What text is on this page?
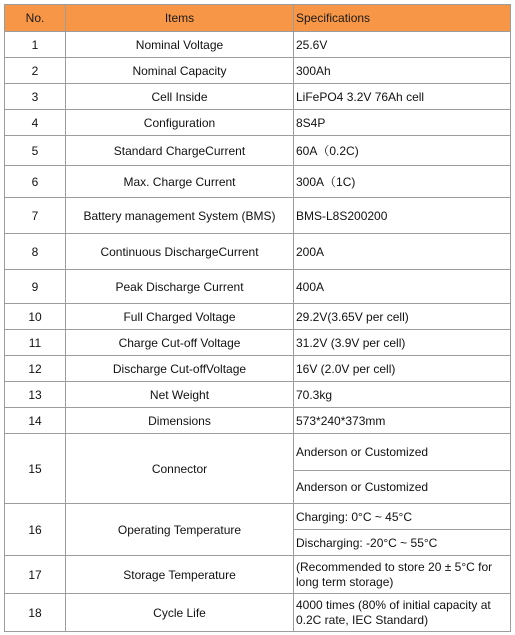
No.	Items	Specifications
1	Nominal Voltage	25.6V
2	Nominal Capacity	300Ah
3	Cell Inside	LiFePO4 3.2V 76Ah cell
4	Configuration	8S4P
5	Standard ChargeCurrent	60A（0.2C)
6	Max. Charge Current	300A（1C)
7	Battery management System (BMS)	BMS-L8S200200
8	Continuous DischargeCurrent	200A
9	Peak Discharge Current	400A
10	Full Charged Voltage	29.2V(3.65V per cell)
11	Charge Cut-off Voltage	31.2V (3.9V per cell)
12	Discharge Cut-offVoltage	16V (2.0V per cell)
13	Net Weight	70.3kg
14	Dimensions	573*240*373mm
15	Connector	Anderson or Customized
		Anderson or Customized
16	Operating Temperature	Charging: 0°C ~ 45°C
		Discharging: -20°C ~ 55°C
17	Storage Temperature	(Recommended to store 20 ± 5°C for long term storage)
18	Cycle Life	4000 times (80% of initial capacity at 0.2C rate, IEC Standard)
